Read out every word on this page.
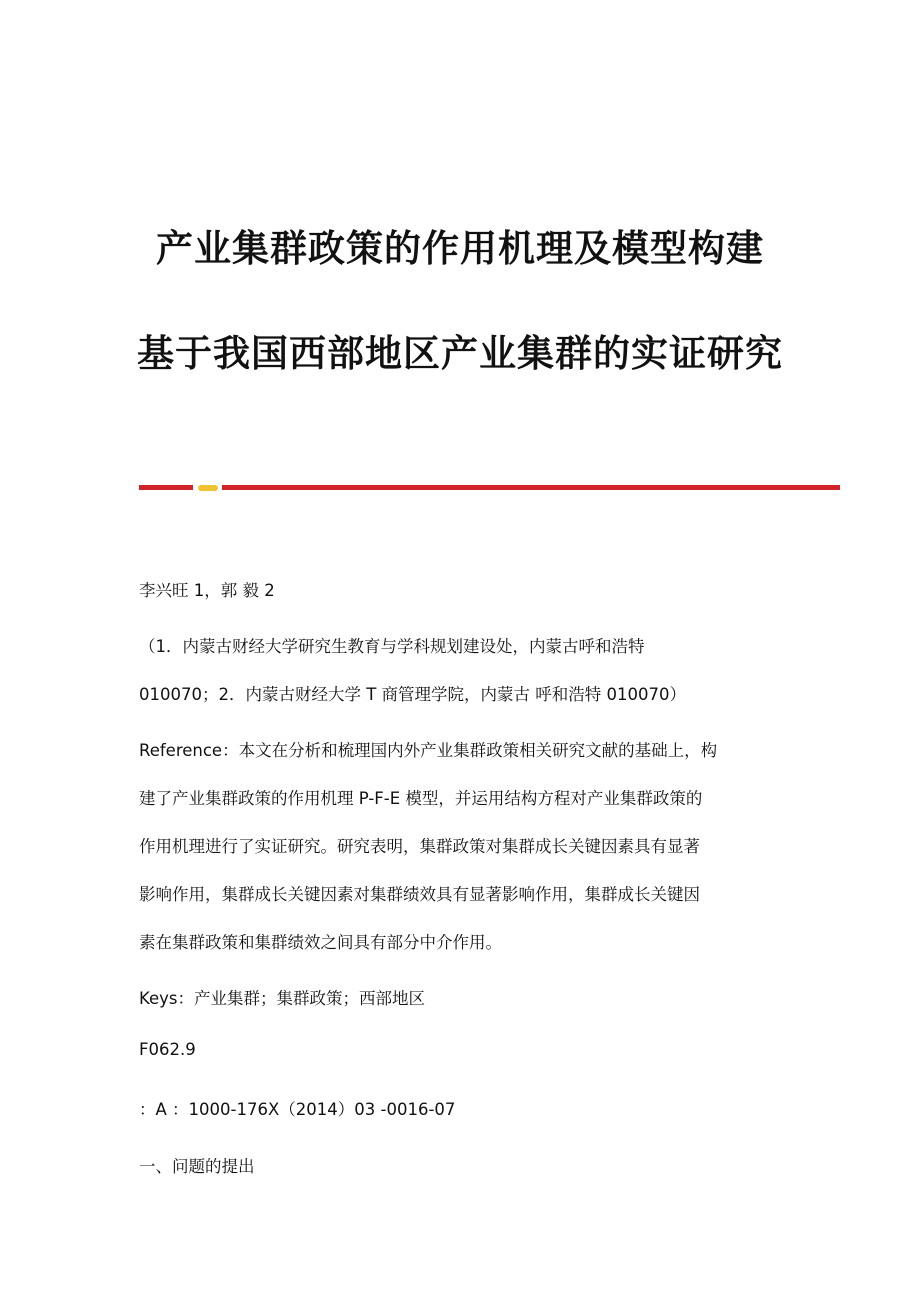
产业集群政策的作用机理及模型构建
基于我国西部地区产业集群的实证研究
李兴旺 1，郭 毅 2
（1．内蒙古财经大学研究生教育与学科规划建设处，内蒙古呼和浩特
010070；2．内蒙古财经大学 T 商管理学院，内蒙古 呼和浩特 010070）
Reference：本文在分析和梳理国内外产业集群政策相关研究文献的基础上，构
建了产业集群政策的作用机理 P-F-E 模型，并运用结构方程对产业集群政策的
作用机理进行了实证研究。研究表明，集群政策对集群成长关键因素具有显著
影响作用，集群成长关键因素对集群绩效具有显著影响作用，集群成长关键因
素在集群政策和集群绩效之间具有部分中介作用。
Keys：产业集群；集群政策；西部地区
F062.9
：A ：1000-176X（2014）03 -0016-07
一、问题的提出
